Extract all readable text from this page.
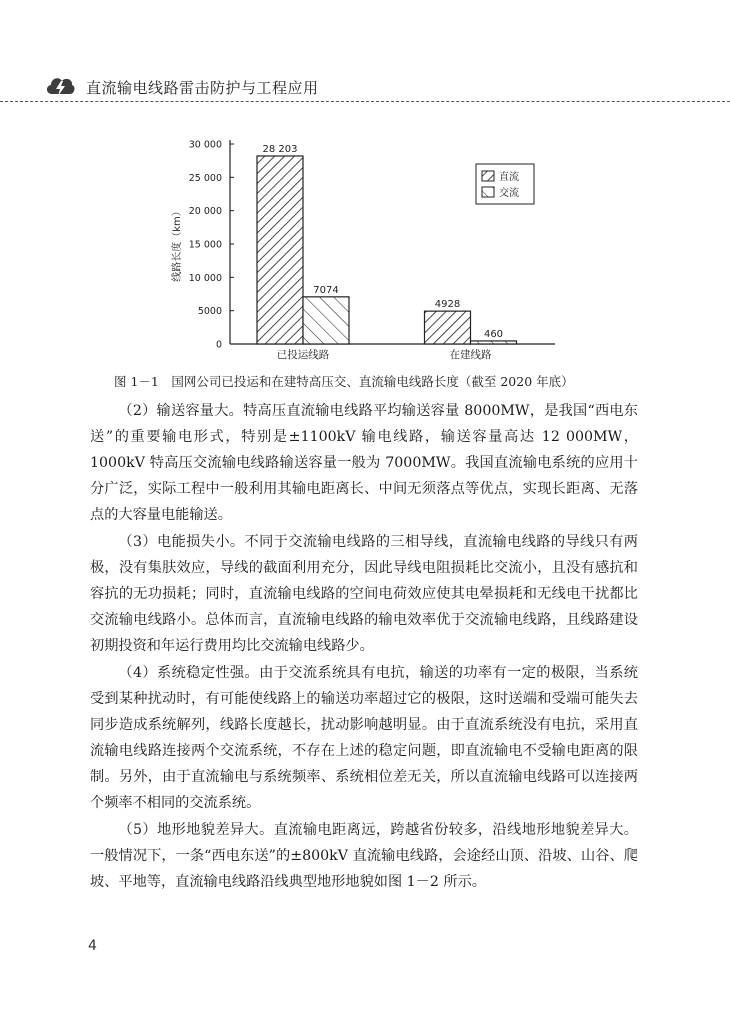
直流输电线路雷击防护与工程应用
0
5000
10 000
15 000
20 000
25 000
30 000
线路长度（km）
28 203
7074
已投运线路
4928
460
在建线路
直流
交流
图 1－1　国网公司已投运和在建特高压交、直流输电线路长度（截至 2020 年底）

（2）输送容量大。特高压直流输电线路平均输送容量 8000MW，是我国“西电东送”的重要输电形式，特别是±1100kV 输电线路，输送容量高达 12 000MW，1000kV 特高压交流输电线路输送容量一般为 7000MW。我国直流输电系统的应用十分广泛，实际工程中一般利用其输电距离长、中间无须落点等优点，实现长距离、无落点的大容量电能输送。

（3）电能损失小。不同于交流输电线路的三相导线，直流输电线路的导线只有两极，没有集肤效应，导线的截面利用充分，因此导线电阻损耗比交流小，且没有感抗和容抗的无功损耗；同时，直流输电线路的空间电荷效应使其电晕损耗和无线电干扰都比交流输电线路小。总体而言，直流输电线路的输电效率优于交流输电线路，且线路建设初期投资和年运行费用均比交流输电线路少。

（4）系统稳定性强。由于交流系统具有电抗，输送的功率有一定的极限，当系统受到某种扰动时，有可能使线路上的输送功率超过它的极限，这时送端和受端可能失去同步造成系统解列，线路长度越长，扰动影响越明显。由于直流系统没有电抗，采用直流输电线路连接两个交流系统，不存在上述的稳定问题，即直流输电不受输电距离的限制。另外，由于直流输电与系统频率、系统相位差无关，所以直流输电线路可以连接两个频率不相同的交流系统。

（5）地形地貌差异大。直流输电距离远，跨越省份较多，沿线地形地貌差异大。一般情况下，一条“西电东送”的±800kV 直流输电线路，会途经山顶、沿坡、山谷、爬坡、平地等，直流输电线路沿线典型地形地貌如图 1－2 所示。

4
